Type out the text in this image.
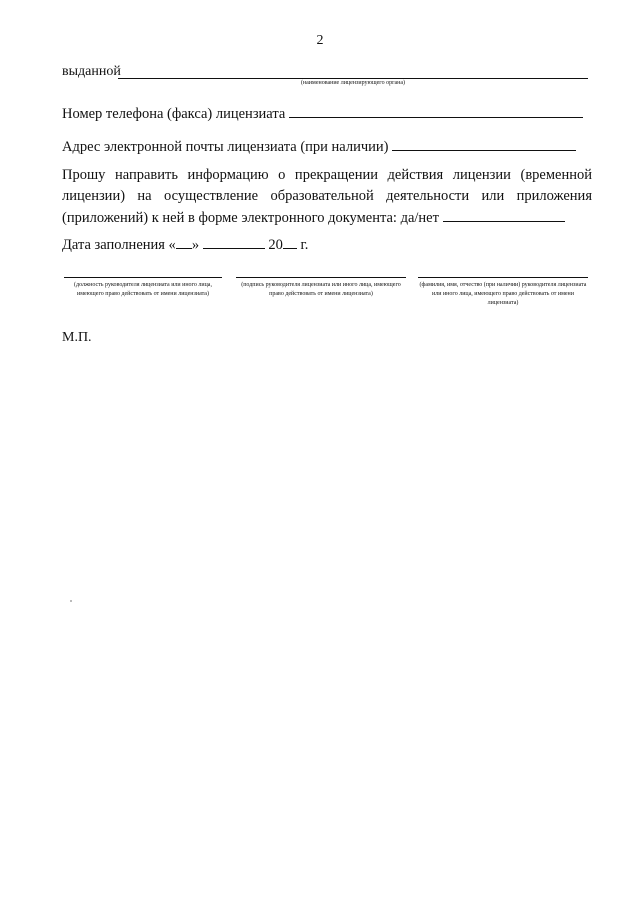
2
выданной
(наименование лицензирующего органа)
Номер телефона (факса) лицензиата
Адрес электронной почты лицензиата (при наличии)
Прошу направить информацию о прекращении действия лицензии (временной
лицензии) на осуществление образовательной деятельности или приложения
(приложений) к ней в форме электронного документа: да/нет
Дата заполнения « »	20 г.
(должность руководителя лицензиата или иного лица, имеющего право действовать от имени лицензиата)
(подпись руководителя лицензиата или иного лица, имеющего право действовать от имени лицензиата)
(фамилия, имя, отчество (при наличии) руководителя лицензиата или иного лица, имеющего право действовать от имени лицензиата)
М.П.
